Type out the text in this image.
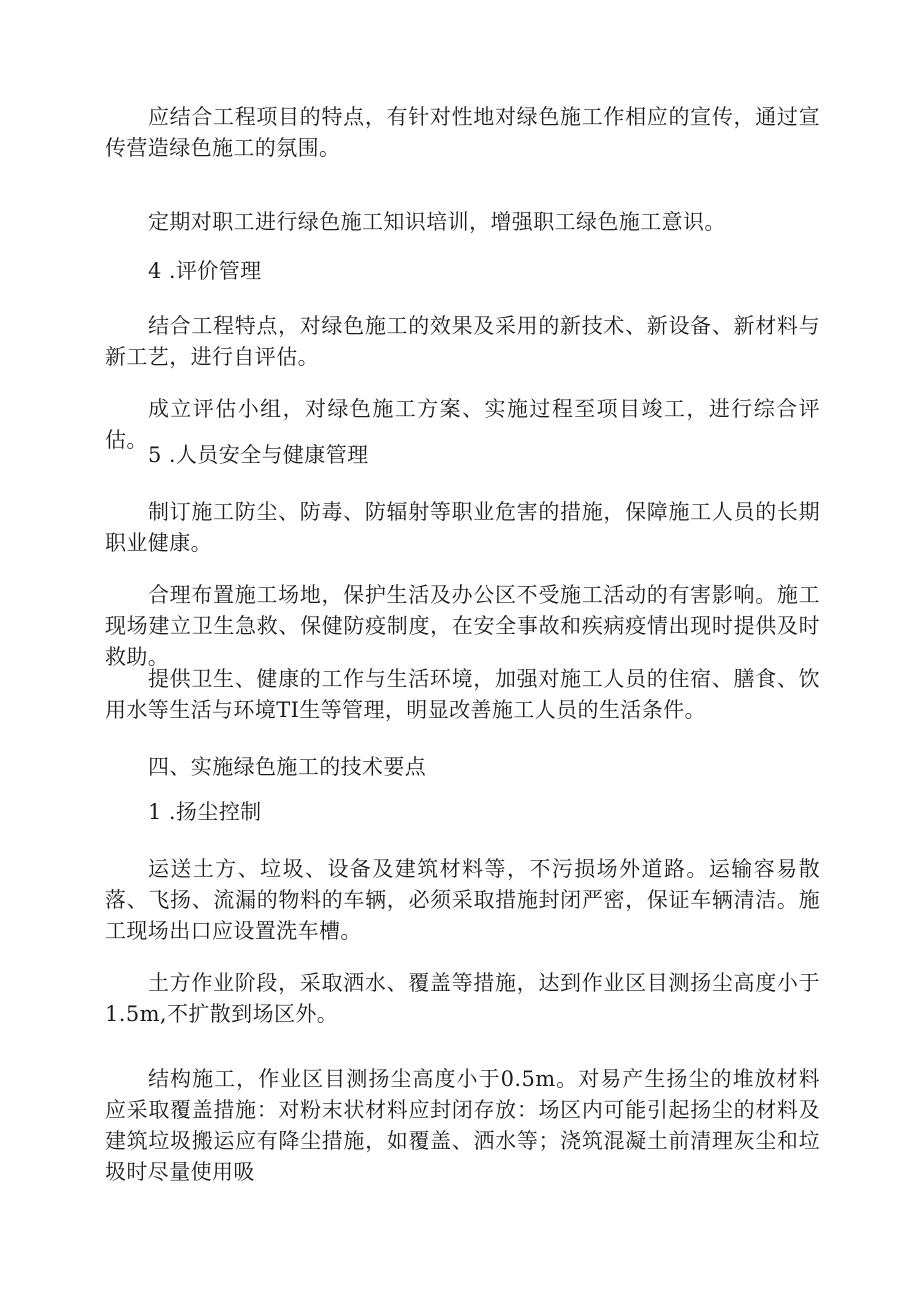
应结合工程项目的特点，有针对性地对绿色施工作相应的宣传，通过宣传营造绿色施工的氛围。

定期对职工进行绿色施工知识培训，增强职工绿色施工意识。

4 .评价管理

结合工程特点，对绿色施工的效果及采用的新技术、新设备、新材料与新工艺，进行自评估。

成立评估小组，对绿色施工方案、实施过程至项目竣工，进行综合评估。

5 .人员安全与健康管理

制订施工防尘、防毒、防辐射等职业危害的措施，保障施工人员的长期职业健康。

合理布置施工场地，保护生活及办公区不受施工活动的有害影响。施工现场建立卫生急救、保健防疫制度，在安全事故和疾病疫情出现时提供及时救助。

提供卫生、健康的工作与生活环境，加强对施工人员的住宿、膳食、饮用水等生活与环境TI生等管理，明显改善施工人员的生活条件。

四、实施绿色施工的技术要点

1 .扬尘控制

运送土方、垃圾、设备及建筑材料等，不污损场外道路。运输容易散落、飞扬、流漏的物料的车辆，必须采取措施封闭严密，保证车辆清洁。施工现场出口应设置洗车槽。

土方作业阶段，采取洒水、覆盖等措施，达到作业区目测扬尘高度小于1.5m,不扩散到场区外。

结构施工，作业区目测扬尘高度小于0.5m。对易产生扬尘的堆放材料应采取覆盖措施：对粉末状材料应封闭存放：场区内可能引起扬尘的材料及建筑垃圾搬运应有降尘措施，如覆盖、洒水等；浇筑混凝土前清理灰尘和垃圾时尽量使用吸
